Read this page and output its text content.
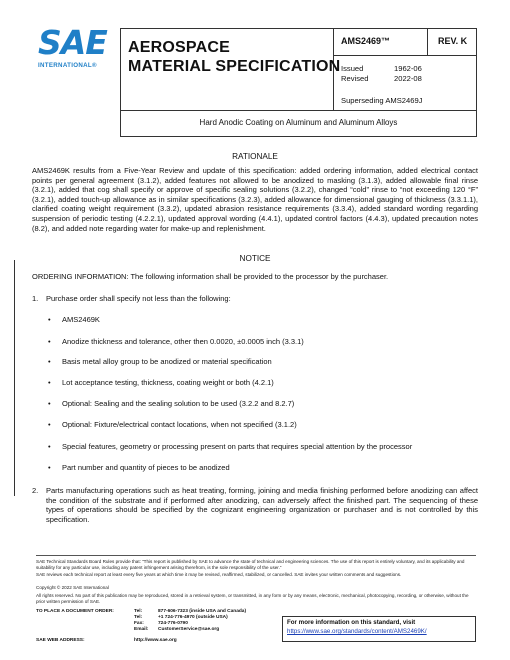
SAE
INTERNATIONAL®
AEROSPACE
MATERIAL SPECIFICATION
AMS2469™	REV. K
Issued	1962-06
Revised	2022-08
Superseding AMS2469J
Hard Anodic Coating on Aluminum and Aluminum Alloys
RATIONALE
AMS2469K results from a Five-Year Review and update of this specification: added ordering information, added electrical contact points per general agreement (3.1.2), added features not allowed to be anodized to masking (3.1.3), added allowable final rinse (3.2.1), added that cog shall specify or approve of specific sealing solutions (3.2.2), changed “cold” rinse to “not exceeding 120 °F” (3.2.1), added touch-up allowance as in similar specifications (3.2.3), added allowance for dimensional gauging of thickness (3.3.1.1), clarified coating weight requirement (3.3.2), updated abrasion resistance requirements (3.3.4), added standard wording regarding suspension of periodic testing (4.2.2.1), updated approval wording (4.4.1), updated control factors (4.4.3), updated precaution notes (8.2), and added note regarding water for make-up and replenishment.
NOTICE
ORDERING INFORMATION: The following information shall be provided to the processor by the purchaser.
1. Purchase order shall specify not less than the following:
• AMS2469K
• Anodize thickness and tolerance, other then 0.0020, ±0.0005 inch (3.3.1)
• Basis metal alloy group to be anodized or material specification
• Lot acceptance testing, thickness, coating weight or both (4.2.1)
• Optional: Sealing and the sealing solution to be used (3.2.2 and 8.2.7)
• Optional: Fixture/electrical contact locations, when not specified (3.1.2)
• Special features, geometry or processing present on parts that requires special attention by the processor
• Part number and quantity of pieces to be anodized
2. Parts manufacturing operations such as heat treating, forming, joining and media finishing performed before anodizing can affect the condition of the substrate and if performed after anodizing, can adversely affect the finished part. The sequencing of these types of operations should be specified by the cognizant engineering organization or purchaser and is not controlled by this specification.
SAE Technical Standards Board Rules provide that: “This report is published by SAE to advance the state of technical and engineering sciences. The use of this report is entirely voluntary, and its applicability and suitability for any particular use, including any patent infringement arising therefrom, is the sole responsibility of the user.”
SAE reviews each technical report at least every five years at which time it may be revised, reaffirmed, stabilized, or cancelled. SAE invites your written comments and suggestions.
Copyright © 2022 SAE International
All rights reserved. No part of this publication may be reproduced, stored in a retrieval system, or transmitted, in any form or by any means, electronic, mechanical, photocopying, recording, or otherwise, without the prior written permission of SAE.
TO PLACE A DOCUMENT ORDER:	Tel:	877-606-7323 (inside USA and Canada)
Tel:	+1 724-776-4970 (outside USA)
Fax:	724-776-0790
Email: CustomerService@sae.org
SAE WEB ADDRESS:	http://www.sae.org
For more information on this standard, visit
https://www.sae.org/standards/content/AMS2469K/
